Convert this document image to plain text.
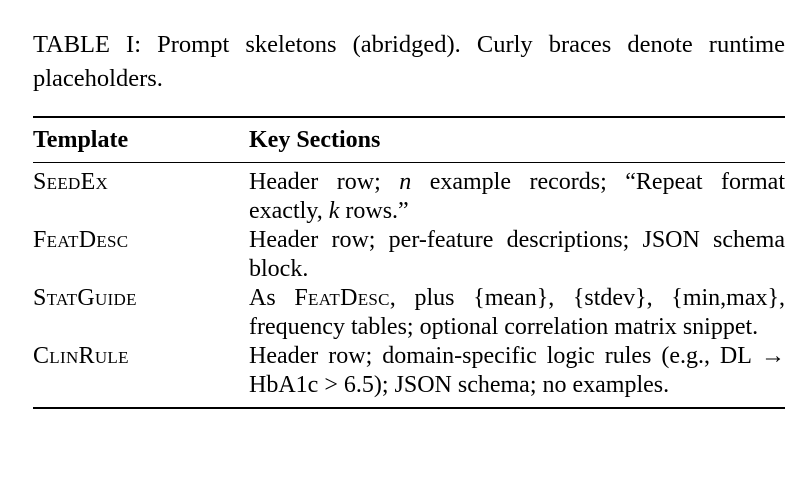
TABLE I: Prompt skeletons (abridged). Curly braces denote runtime placeholders.

Template	Key Sections
SeedEx	Header row; n example records; “Repeat format exactly, k rows.”
FeatDesc	Header row; per-feature descriptions; JSON schema block.
StatGuide	As FeatDesc, plus {mean}, {stdev}, {min,max}, frequency tables; optional correlation matrix snippet.
ClinRule	Header row; domain-specific logic rules (e.g., DL → HbA1c > 6.5); JSON schema; no examples.
